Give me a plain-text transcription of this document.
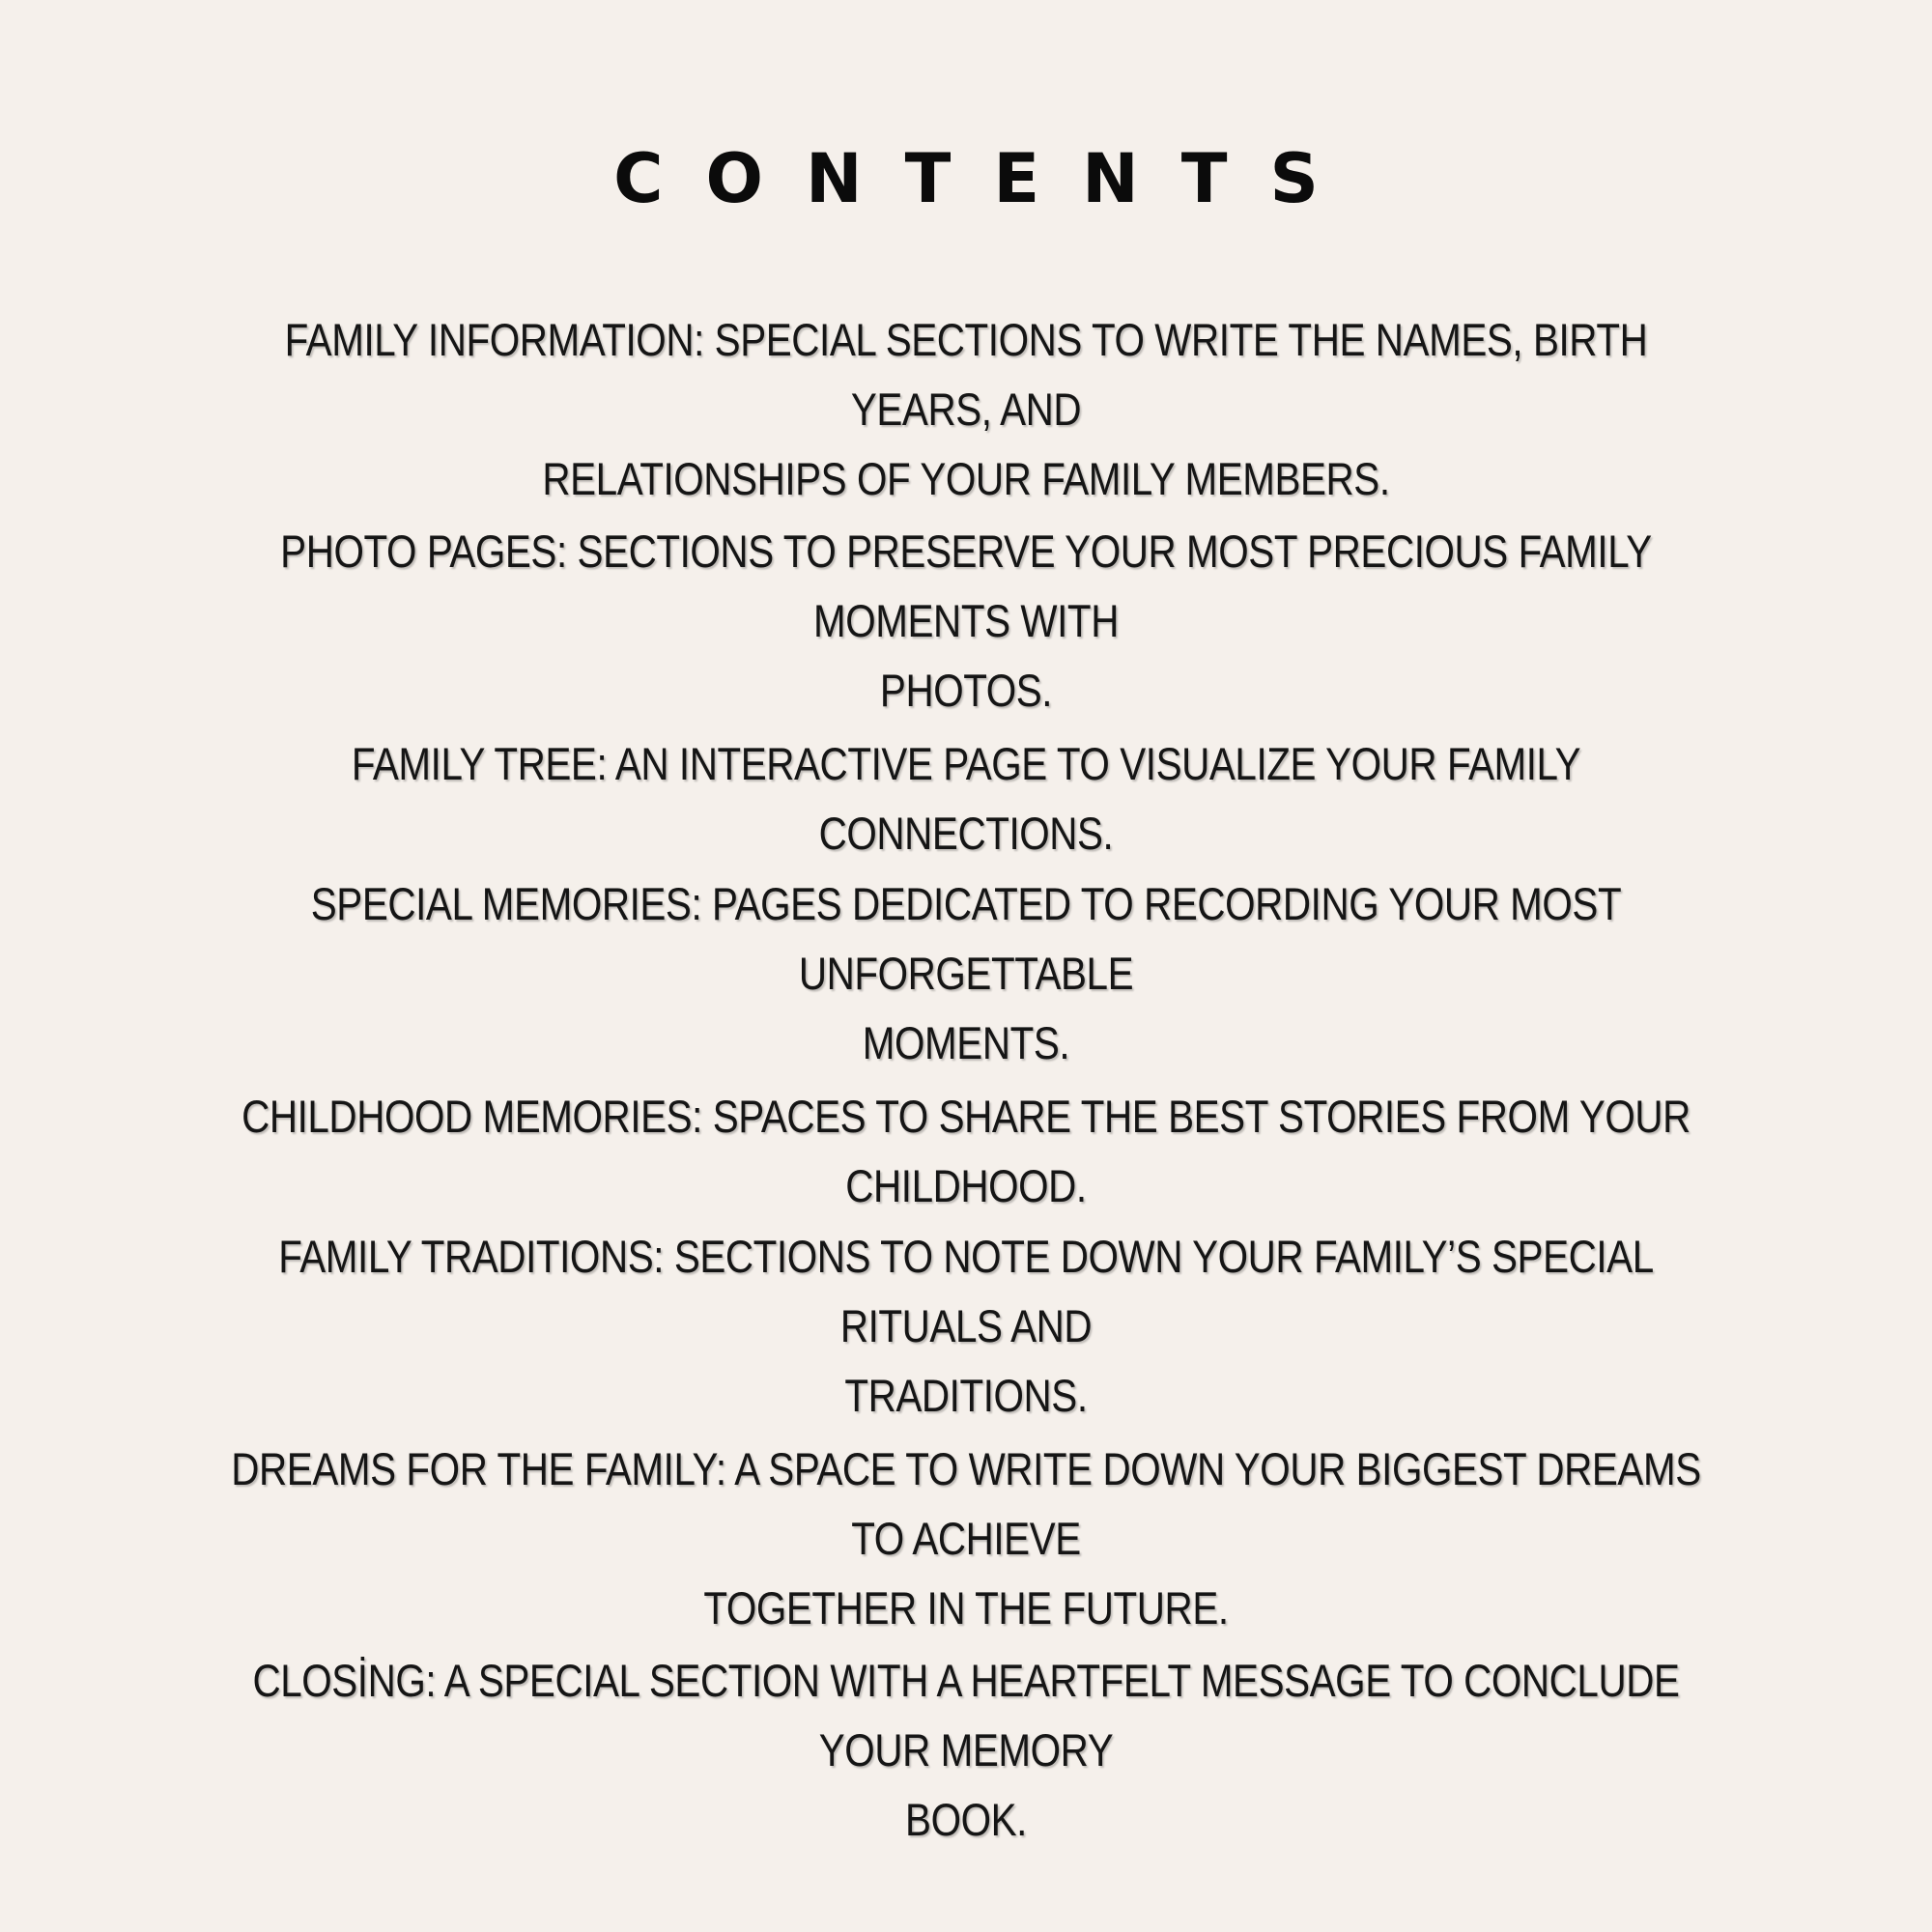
CONTENTS
FAMILY INFORMATION: SPECIAL SECTIONS TO WRITE THE NAMES, BIRTH YEARS, AND
RELATIONSHIPS OF YOUR FAMILY MEMBERS.
PHOTO PAGES: SECTIONS TO PRESERVE YOUR MOST PRECIOUS FAMILY MOMENTS WITH
PHOTOS.
FAMILY TREE: AN INTERACTIVE PAGE TO VISUALIZE YOUR FAMILY CONNECTIONS.
SPECIAL MEMORIES: PAGES DEDICATED TO RECORDING YOUR MOST UNFORGETTABLE
MOMENTS.
CHILDHOOD MEMORIES: SPACES TO SHARE THE BEST STORIES FROM YOUR CHILDHOOD.
FAMILY TRADITIONS: SECTIONS TO NOTE DOWN YOUR FAMILY’S SPECIAL RITUALS AND
TRADITIONS.
DREAMS FOR THE FAMILY: A SPACE TO WRITE DOWN YOUR BIGGEST DREAMS TO ACHIEVE
TOGETHER IN THE FUTURE.
CLOSİNG: A SPECIAL SECTION WITH A HEARTFELT MESSAGE TO CONCLUDE YOUR MEMORY
BOOK.
